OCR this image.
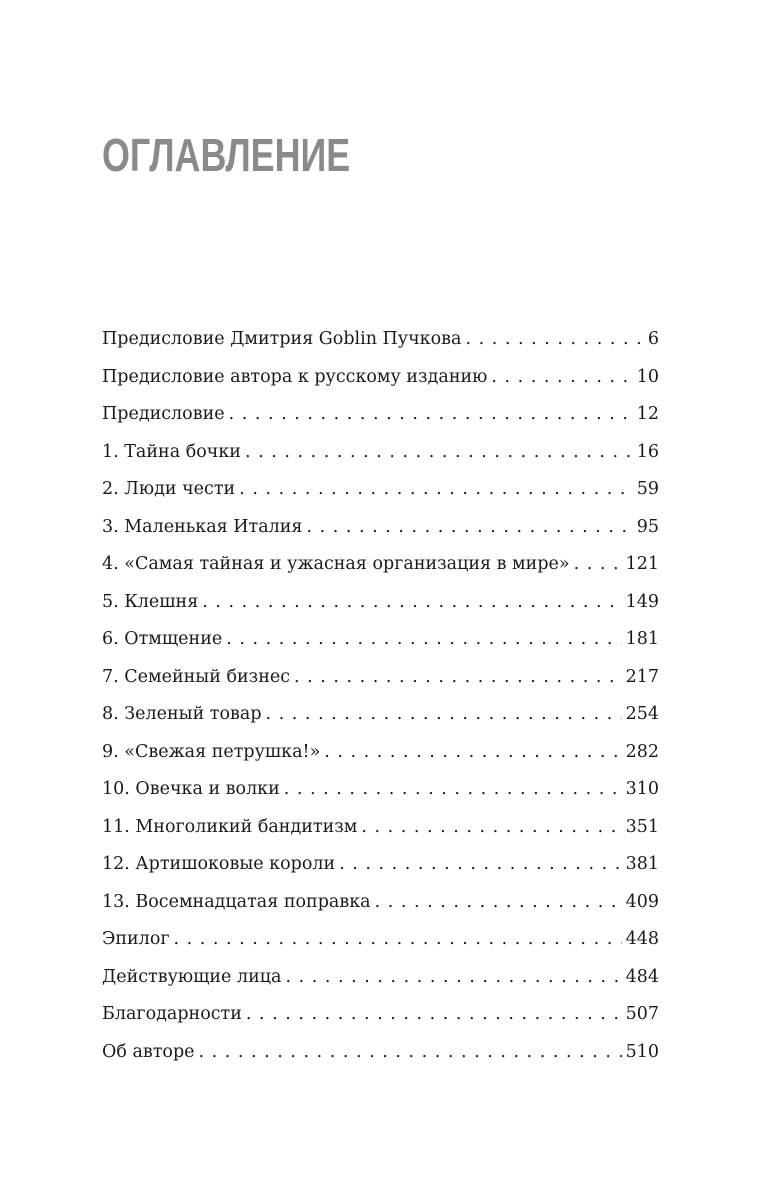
ОГЛАВЛЕНИЕ
Предисловие Дмитрия Goblin Пучкова . . .	6
Предисловие автора к русскому изданию . . .	10
Предисловие . . .	12
1. Тайна бочки . . .	16
2. Люди чести . . .	59
3. Маленькая Италия . . .	95
4. «Самая тайная и ужасная организация в мире» . . .	121
5. Клешня . . .	149
6. Отмщение . . .	181
7. Семейный бизнес . . .	217
8. Зеленый товар . . .	254
9. «Свежая петрушка!» . . .	282
10. Овечка и волки . . .	310
11. Многоликий бандитизм . . .	351
12. Артишоковые короли . . .	381
13. Восемнадцатая поправка . . .	409
Эпилог . . .	448
Действующие лица . . .	484
Благодарности . . .	507
Об авторе . . .	510
